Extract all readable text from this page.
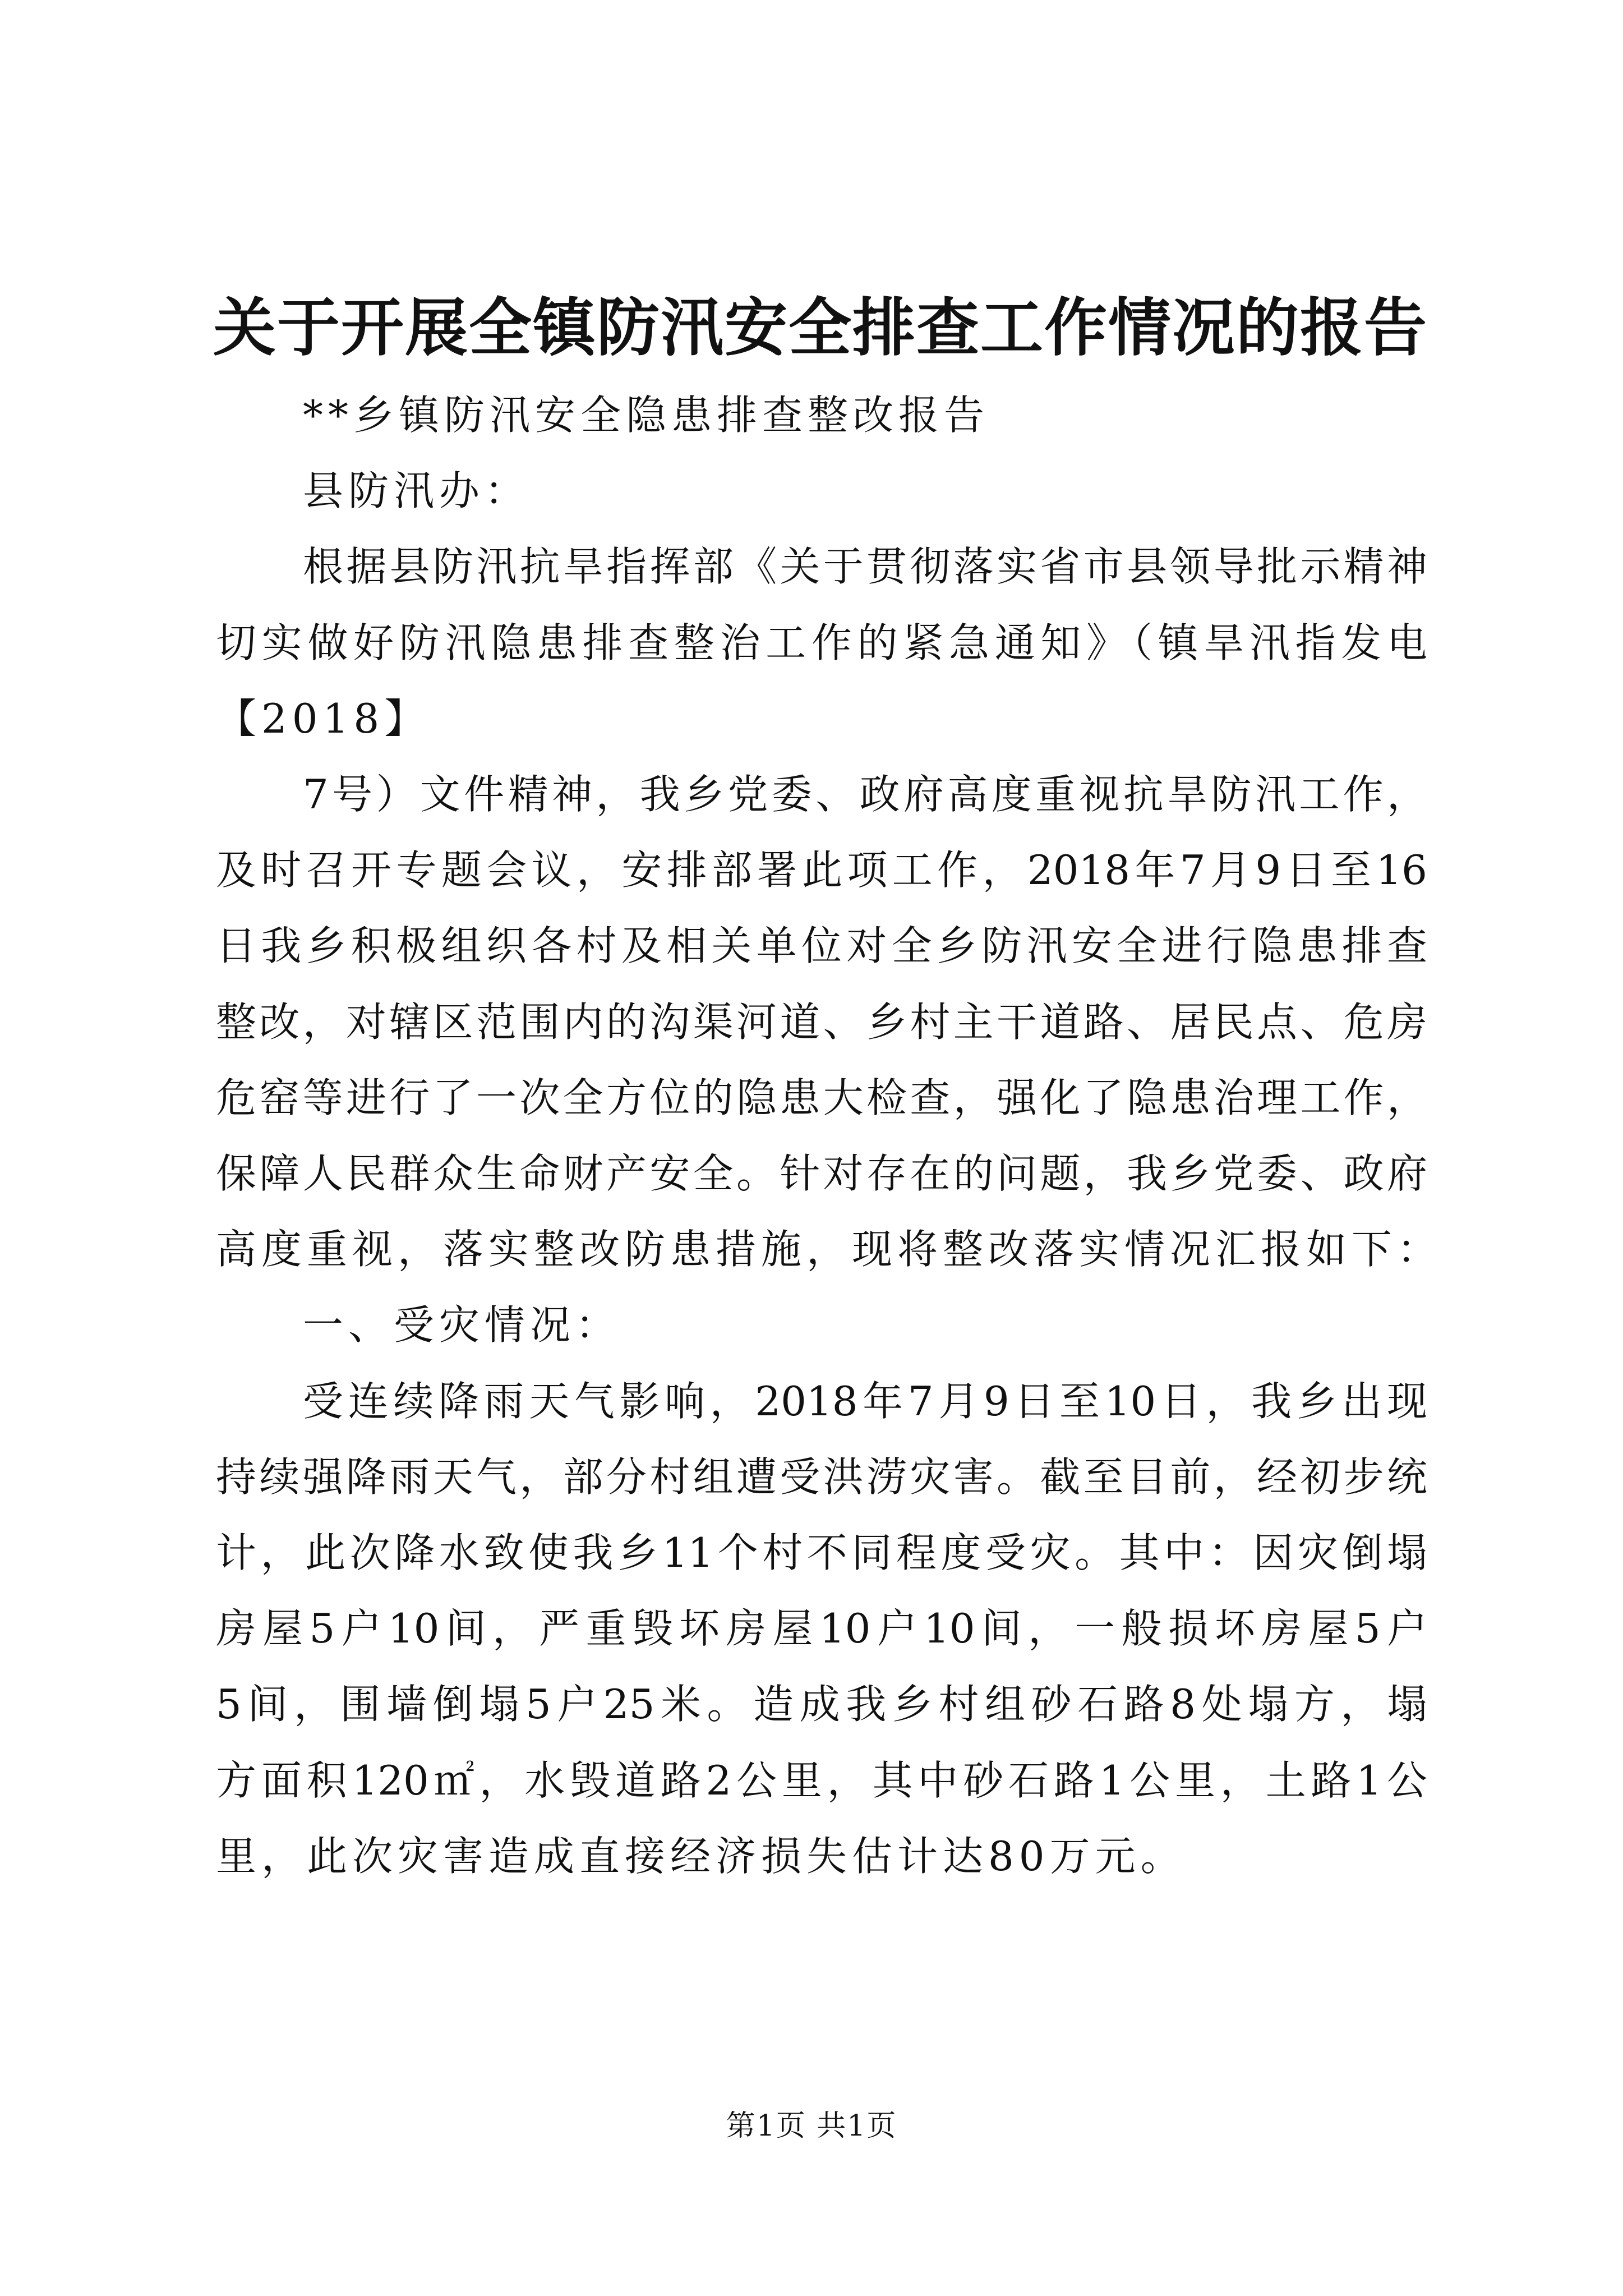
关于开展全镇防汛安全排查工作情况的报告
**乡镇防汛安全隐患排查整改报告
县防汛办：
根据县防汛抗旱指挥部《关于贯彻落实省市县领导批示精神
切实做好防汛隐患排查整治工作的紧急通知》（镇旱汛指发电
【2018】
7号）文件精神，我乡党委、政府高度重视抗旱防汛工作，
及时召开专题会议，安排部署此项工作，2018年7月9日至16
日我乡积极组织各村及相关单位对全乡防汛安全进行隐患排查
整改，对辖区范围内的沟渠河道、乡村主干道路、居民点、危房
危窑等进行了一次全方位的隐患大检查，强化了隐患治理工作，
保障人民群众生命财产安全。针对存在的问题，我乡党委、政府
高度重视，落实整改防患措施，现将整改落实情况汇报如下：
一、受灾情况：
受连续降雨天气影响，2018年7月9日至10日，我乡出现
持续强降雨天气，部分村组遭受洪涝灾害。截至目前，经初步统
计，此次降水致使我乡11个村不同程度受灾。其中：因灾倒塌
房屋5户10间，严重毁坏房屋10户10间，一般损坏房屋5户
5间，围墙倒塌5户25米。造成我乡村组砂石路8处塌方，塌
方面积120㎡，水毁道路2公里，其中砂石路1公里，土路1公
里，此次灾害造成直接经济损失估计达80万元。
第1页 共1页
